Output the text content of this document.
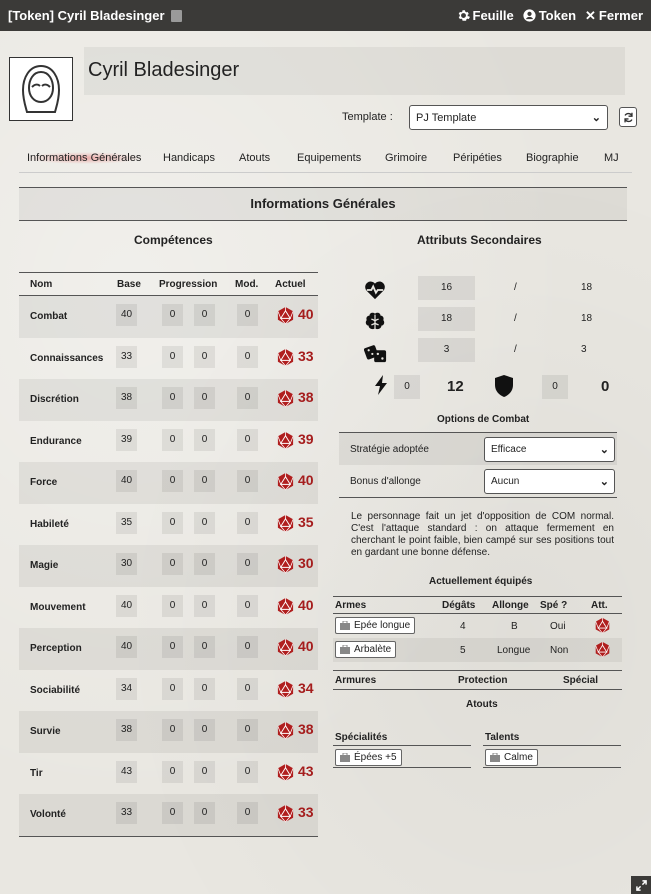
[Token] Cyril Bladesinger	Feuille Token ✕ Fermer
Cyril Bladesinger
Template :	PJ Template	⌄
Informations Générales Handicaps Atouts Equipements Grimoire Péripéties Biographie MJ
Informations Générales
Compétences	Attributs Secondaires
Nom	Base Progression Mod. Actuel
Combat	40	0	0	0	40
Connaissances	33	0	0	0	33
Discrétion	38	0	0	0	38
Endurance	39	0	0	0	39
Force	40	0	0	0	40
Habileté	35	0	0	0	35
Magie	30	0	0	0	30
Mouvement	40	0	0	0	40
Perception	40	0	0	0	40
Sociabilité	34	0	0	0	34
Survie	38	0	0	0	38
Tir	43	0	0	0	43
Volonté	33	0	0	0	33
16	/	18
18	/	18
3	/	3
0	12	0	0
Options de Combat
Stratégie adoptée	Efficace	⌄
Bonus d'allonge	Aucun	⌄
Le personnage fait un jet d'opposition de COM normal. C'est l'attaque standard : on attaque fermement en cherchant le point faible, bien campé sur ses positions tout en gardant une bonne défense.
Actuellement équipés
Armes	Dégâts Allonge Spé ? Att.
Epée longue	4	B	Oui
Arbalète	5	Longue Non
Armures	Protection	Spécial
Atouts
Spécialités
Épées +5
Talents
Calme
